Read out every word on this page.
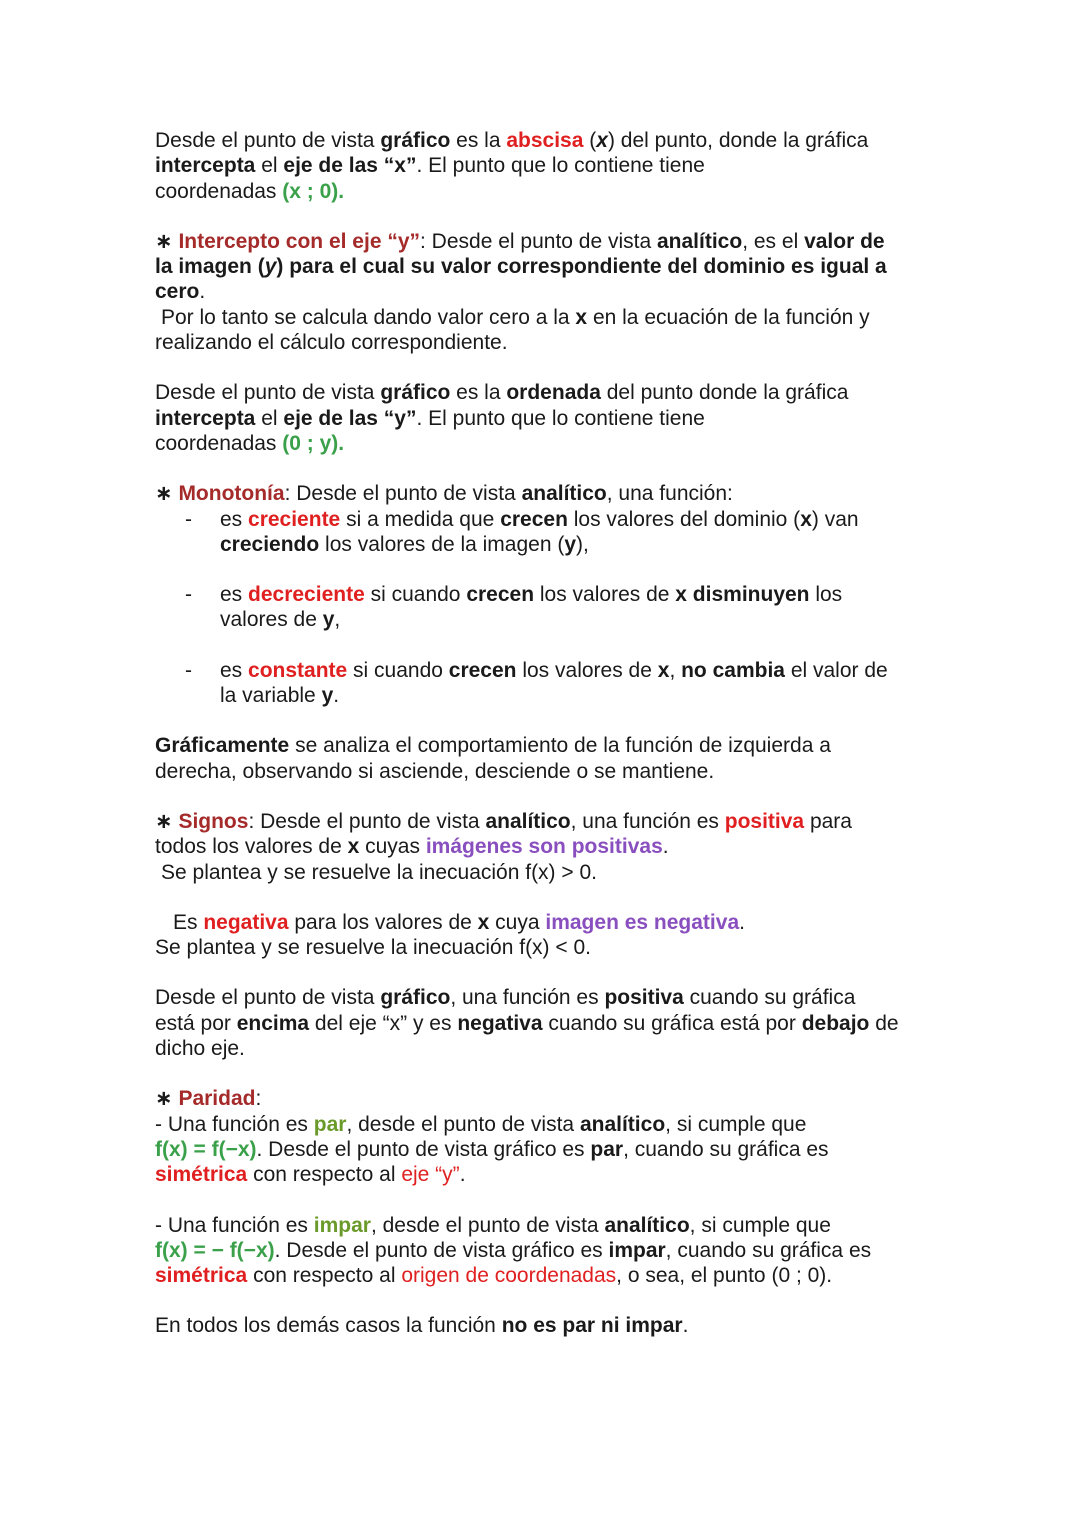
Desde el punto de vista gráfico es la abscisa (x) del punto, donde la gráfica
intercepta el eje de las “x”. El punto que lo contiene tiene
coordenadas (x ; 0).

∗ Intercepto con el eje “y”: Desde el punto de vista analítico, es el valor de
la imagen (y) para el cual su valor correspondiente del dominio es igual a
cero.
Por lo tanto se calcula dando valor cero a la x en la ecuación de la función y
realizando el cálculo correspondiente.

Desde el punto de vista gráfico es la ordenada del punto donde la gráfica
intercepta el eje de las “y”. El punto que lo contiene tiene
coordenadas (0 ; y).

∗ Monotonía: Desde el punto de vista analítico, una función:

- es creciente si a medida que crecen los valores del dominio (x) van
creciendo los valores de la imagen (y),
- es decreciente si cuando crecen los valores de x disminuyen los
valores de y,
- es constante si cuando crecen los valores de x, no cambia el valor de
la variable y.

Gráficamente se analiza el comportamiento de la función de izquierda a
derecha, observando si asciende, desciende o se mantiene.

∗ Signos: Desde el punto de vista analítico, una función es positiva para
todos los valores de x cuyas imágenes son positivas.
Se plantea y se resuelve la inecuación f(x) > 0.

Es negativa para los valores de x cuya imagen es negativa.
Se plantea y se resuelve la inecuación f(x) < 0.

Desde el punto de vista gráfico, una función es positiva cuando su gráfica
está por encima del eje “x” y es negativa cuando su gráfica está por debajo de
dicho eje.

∗ Paridad:
- Una función es par, desde el punto de vista analítico, si cumple que
f(x) = f(−x). Desde el punto de vista gráfico es par, cuando su gráfica es
simétrica con respecto al eje “y”.

- Una función es impar, desde el punto de vista analítico, si cumple que
f(x) = − f(−x). Desde el punto de vista gráfico es impar, cuando su gráfica es
simétrica con respecto al origen de coordenadas, o sea, el punto (0 ; 0).

En todos los demás casos la función no es par ni impar.
